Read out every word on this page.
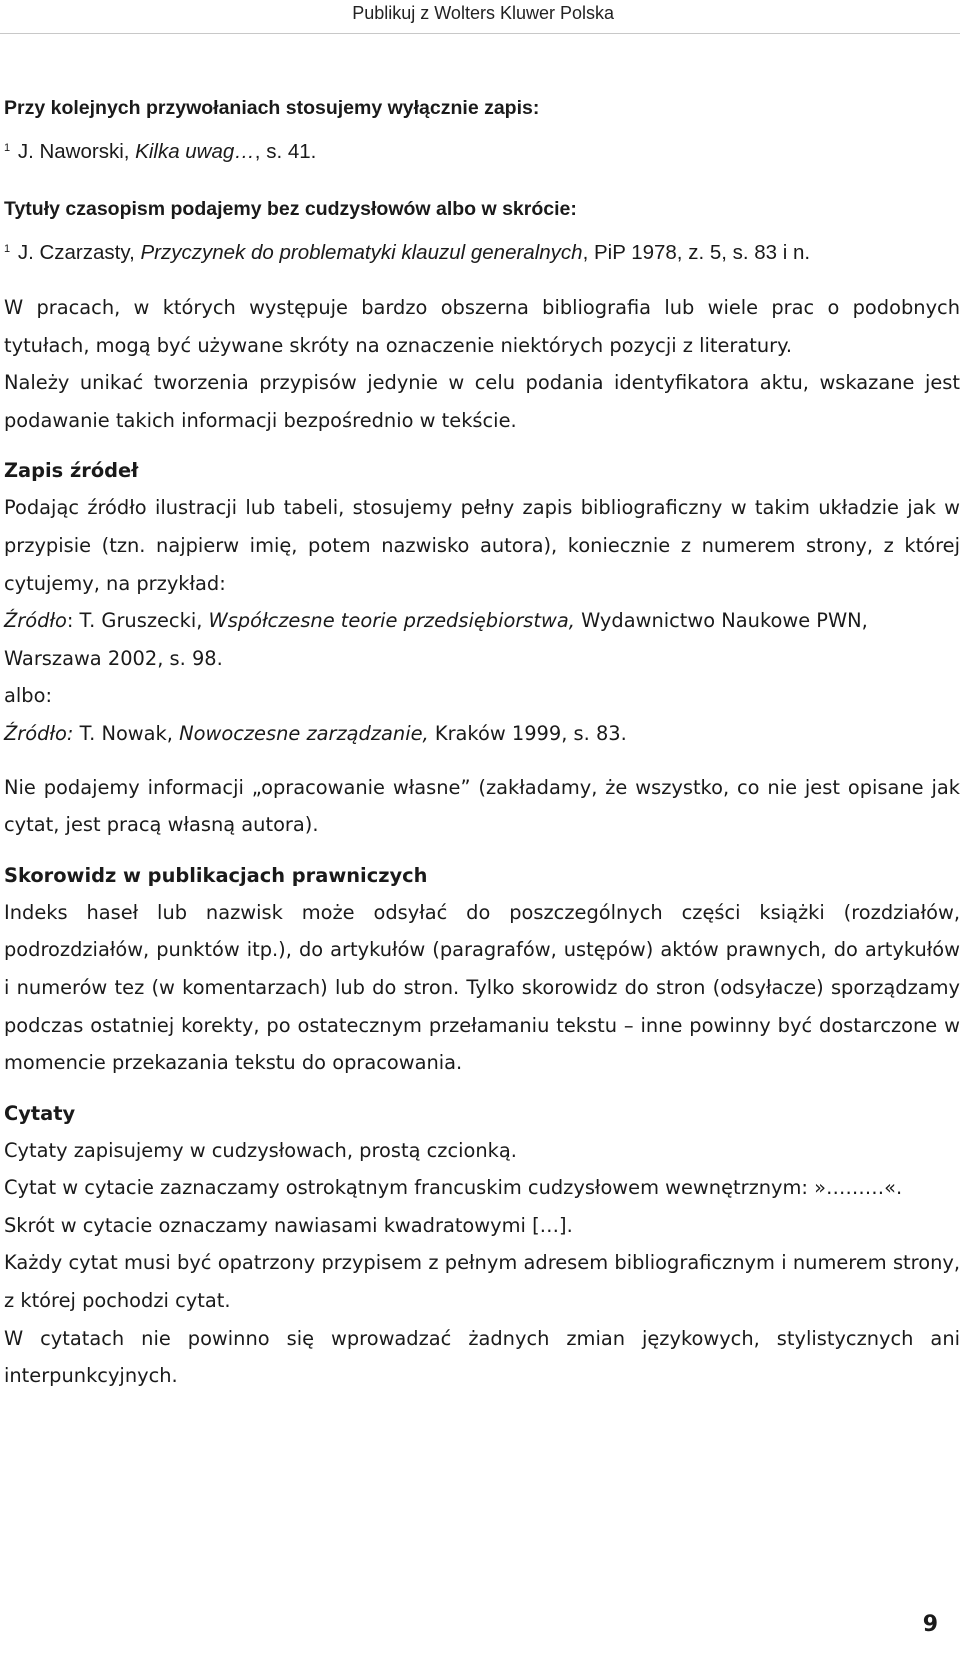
Publikuj z Wolters Kluwer Polska
Przy kolejnych przywołaniach stosujemy wyłącznie zapis:
$^1$ J. Naworski, Kilka uwag…, s. 41.
Tytuły czasopism podajemy bez cudzysłowów albo w skrócie:
$^1$ J. Czarzasty, Przyczynek do problematyki klauzul generalnych, PiP 1978, z. 5, s. 83 i n.
W pracach, w których występuje bardzo obszerna bibliografia lub wiele prac o podobnych tytułach, mogą być używane skróty na oznaczenie niektórych pozycji z literatury.
Należy unikać tworzenia przypisów jedynie w celu podania identyfikatora aktu, wskazane jest podawanie takich informacji bezpośrednio w tekście.
Zapis źródeł
Podając źródło ilustracji lub tabeli, stosujemy pełny zapis bibliograficzny w takim układzie jak w przypisie (tzn. najpierw imię, potem nazwisko autora), koniecznie z numerem strony, z której cytujemy, na przykład:
Źródło: T. Gruszecki, Współczesne teorie przedsiębiorstwa, Wydawnictwo Naukowe PWN, Warszawa 2002, s. 98.
albo:
Źródło: T. Nowak, Nowoczesne zarządzanie, Kraków 1999, s. 83.
Nie podajemy informacji „opracowanie własne” (zakładamy, że wszystko, co nie jest opisane jak cytat, jest pracą własną autora).
Skorowidz w publikacjach prawniczych
Indeks haseł lub nazwisk może odsyłać do poszczególnych części książki (rozdziałów, podrozdziałów, punktów itp.), do artykułów (paragrafów, ustępów) aktów prawnych, do artykułów i numerów tez (w komentarzach) lub do stron. Tylko skorowidz do stron (odsyłacze) sporządzamy podczas ostatniej korekty, po ostatecznym przełamaniu tekstu – inne powinny być dostarczone w momencie przekazania tekstu do opracowania.
Cytaty
Cytaty zapisujemy w cudzysłowach, prostą czcionką.
Cytat w cytacie zaznaczamy ostrokątnym francuskim cudzysłowem wewnętrznym: »………«.
Skrót w cytacie oznaczamy nawiasami kwadratowymi […].
Każdy cytat musi być opatrzony przypisem z pełnym adresem bibliograficznym i numerem strony, z której pochodzi cytat.
W cytatach nie powinno się wprowadzać żadnych zmian językowych, stylistycznych ani interpunkcyjnych.
9
